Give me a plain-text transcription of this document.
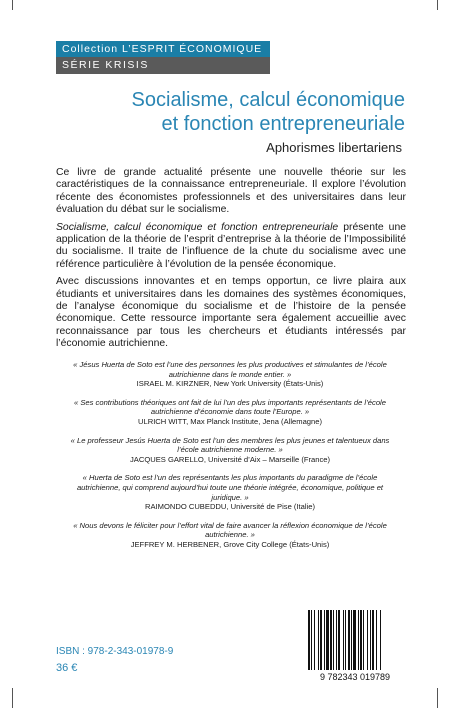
Collection L’ESPRIT ÉCONOMIQUE
SÉRIE KRISIS
Socialisme, calcul économique
et fonction entrepreneuriale
Aphorismes libertariens

Ce livre de grande actualité présente une nouvelle théorie sur les caractéristiques de la connaissance entrepreneuriale. Il explore l’évolution récente des économistes professionnels et des universitaires dans leur évaluation du débat sur le socialisme.

Socialisme, calcul économique et fonction entrepreneuriale présente une application de la théorie de l’esprit d’entreprise à la théorie de l’Impossibilité du socialisme. Il traite de l’influence de la chute du socialisme avec une référence particulière à l’évolution de la pensée économique.

Avec discussions innovantes et en temps opportun, ce livre plaira aux étudiants et universitaires dans les domaines des systèmes économiques, de l’analyse économique du socialisme et de l’histoire de la pensée économique. Cette ressource importante sera également accueillie avec reconnaissance par tous les chercheurs et étudiants intéressés par l’économie autrichienne.

« Jésus Huerta de Soto est l’une des personnes les plus productives et stimulantes de l’école autrichienne dans le monde entier. »
ISRAEL M. KIRZNER, New York University (États-Unis)
« Ses contributions théoriques ont fait de lui l’un des plus importants représentants de l’école autrichienne d’économie dans toute l’Europe. »
ULRICH WITT, Max Planck Institute, Jena (Allemagne)
« Le professeur Jesús Huerta de Soto est l’un des membres les plus jeunes et talentueux dans l’école autrichienne moderne. »
JACQUES GARELLO, Université d’Aix – Marseille (France)
« Huerta de Soto est l’un des représentants les plus importants du paradigme de l’école autrichienne, qui comprend aujourd’hui toute une théorie intégrée, économique, politique et juridique. »
RAIMONDO CUBEDDU, Université de Pise (Italie)
« Nous devons le féliciter pour l’effort vital de faire avancer la réflexion économique de l’école autrichienne. »
JEFFREY M. HERBENER, Grove City College (États-Unis)
ISBN : 978-2-343-01978-9
36 €
9 782343 019789
